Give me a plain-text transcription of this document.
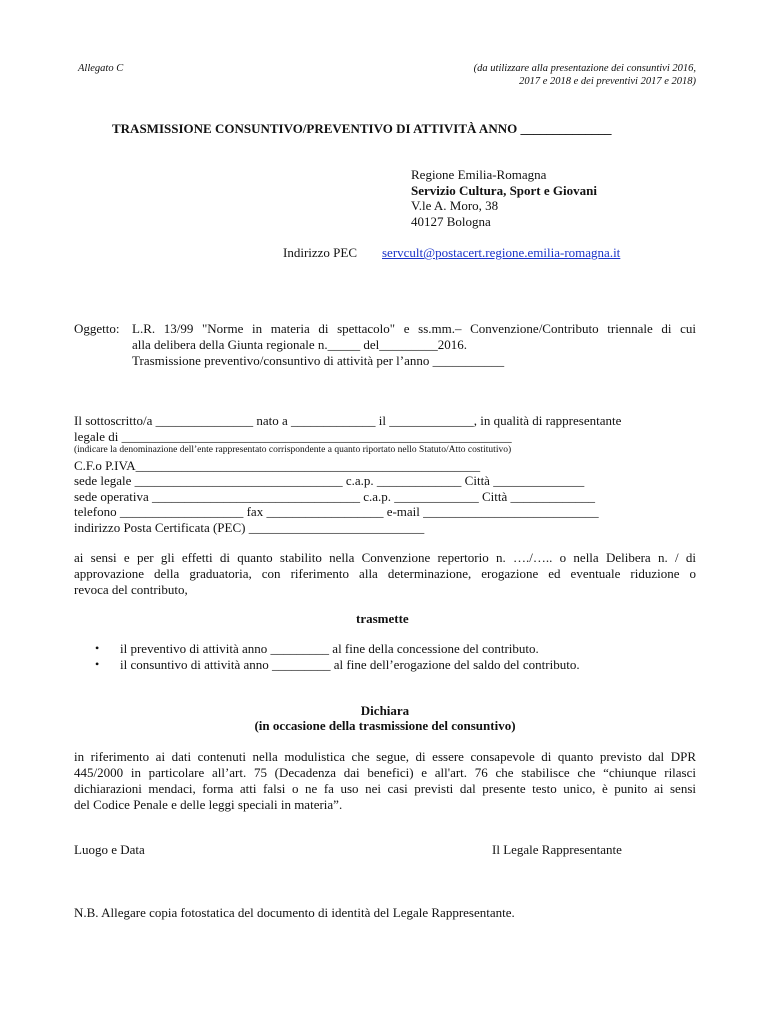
Allegato C	(da utilizzare alla presentazione dei consuntivi 2016,

2017 e 2018 e dei preventivi 2017 e 2018)

TRASMISSIONE CONSUNTIVO/PREVENTIVO DI ATTIVITÀ ANNO ______________

Regione Emilia-Romagna

Servizio Cultura, Sport e Giovani

V.le A. Moro, 38

40127 Bologna

Indirizzo PEC servcult@postacert.regione.emilia-romagna.it

Oggetto: L.R. 13/99 "Norme in materia di spettacolo" e ss.mm.– Convenzione/Contributo triennale di cui

alla delibera della Giunta regionale n._____ del_________2016.

Trasmissione preventivo/consuntivo di attività per l’anno ___________

Il sottoscritto/a _______________ nato a _____________ il _____________, in qualità di rappresentante

legale di ____________________________________________________________

(indicare la denominazione dell’ente rappresentato corrispondente a quanto riportato nello Statuto/Atto costitutivo)

C.F.o P.IVA_____________________________________________________

sede legale ________________________________ c.a.p. _____________ Città ______________

sede operativa ________________________________ c.a.p. _____________ Città _____________

telefono ___________________ fax __________________ e-mail ___________________________

indirizzo Posta Certificata (PEC) ___________________________

ai sensi e per gli effetti di quanto stabilito nella Convenzione repertorio n. …./….. o nella Delibera n. / di

approvazione della graduatoria, con riferimento alla determinazione, erogazione ed eventuale riduzione o

revoca del contributo,

trasmette

• il preventivo di attività anno _________ al fine della concessione del contributo.

• il consuntivo di attività anno _________ al fine dell’erogazione del saldo del contributo.

Dichiara

(in occasione della trasmissione del consuntivo)

in riferimento ai dati contenuti nella modulistica che segue, di essere consapevole di quanto previsto dal DPR

445/2000 in particolare all’art. 75 (Decadenza dai benefici) e all'art. 76 che stabilisce che “chiunque rilasci

dichiarazioni mendaci, forma atti falsi o ne fa uso nei casi previsti dal presente testo unico, è punito ai sensi

del Codice Penale e delle leggi speciali in materia”.

Luogo e Data	Il Legale Rappresentante

N.B. Allegare copia fotostatica del documento di identità del Legale Rappresentante.
